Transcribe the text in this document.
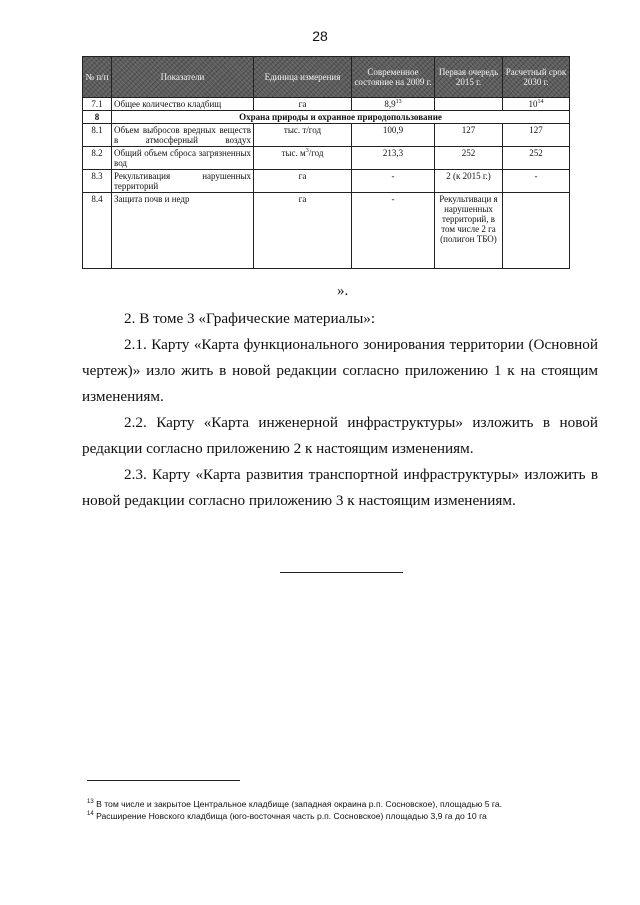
28
№ п/п	Показатели	Единица измерения	Современное состояние на 2009 г.	Первая очередь 2015 г.	Расчетный срок 2030 г.
7.1	Общее количество кладбищ	га	$8,9^{13}$		$10^{14}$
8	Охрана природы и охранное природопользование				
8.1	Объем выбросов вредных веществ в атмосферный воздух	тыс. т/год	100,9	127	127
8.2	Общий объем сброса загрязненных вод	тыс. $м^3$/год	213,3	252	252
8.3	Рекультивация нарушенных территорий	га	-	2 (к 2015 г.)	-
8.4	Защита почв и недр	га	-	Рекультиваци я нарушенных территорий, в том числе 2 га (полигон ТБО)	
».

2. В томе 3 «Графические материалы»:

2.1. Карту «Карта функционального зонирования территории (Основной чертеж)» изло жить в новой редакции согласно приложению 1 к на стоящим изменениям.

2.2. Карту «Карта инженерной инфраструктуры» изложить в новой редакции согласно приложению 2 к настоящим изменениям.

2.3. Карту «Карта развития транспортной инфраструктуры» изложить в новой редакции согласно приложению 3 к настоящим изменениям.

$^{13}$ В том числе и закрытое Центральное кладбище (западная окраина р.п. Сосновское), площадью 5 га.

$^{14}$ Расширение Новского кладбища (юго-восточная часть р.п. Сосновское) площадью 3,9 га до 10 га
